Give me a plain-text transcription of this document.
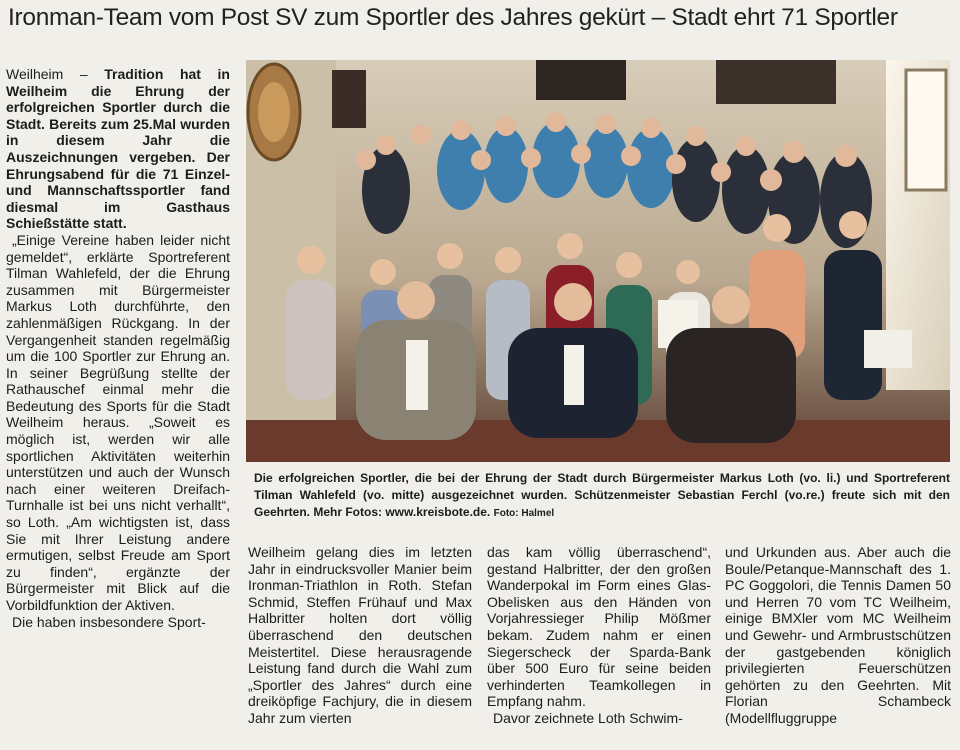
Ironman-Team vom Post SV zum Sportler des Jahres gekürt – Stadt ehrt 71 Sportler

Weilheim – Tradition hat in Weilheim die Ehrung der erfolgreichen Sportler durch die Stadt. Bereits zum 25.Mal wurden in diesem Jahr die Auszeichnungen vergeben. Der Ehrungsabend für die 71 Einzel- und Mannschaftssportler fand diesmal im Gasthaus Schießstätte statt.

„Einige Vereine haben leider nicht gemeldet“, erklärte Sportreferent Tilman Wahlefeld, der die Ehrung zusammen mit Bürgermeister Markus Loth durchführte, den zahlenmäßigen Rückgang. In der Vergangenheit standen regelmäßig um die 100 Sportler zur Ehrung an. In seiner Begrüßung stellte der Rathauschef einmal mehr die Bedeutung des Sports für die Stadt Weilheim heraus. „Soweit es möglich ist, werden wir alle sportlichen Aktivitäten weiterhin unterstützen und auch der Wunsch nach einer weiteren Dreifach-Turnhalle ist bei uns nicht verhallt“, so Loth. „Am wichtigsten ist, dass Sie mit Ihrer Leistung andere ermutigen, selbst Freude am Sport zu finden“, ergänzte der Bürgermeister mit Blick auf die Vorbildfunktion der Aktiven.

Die haben insbesondere Sport-

Die erfolgreichen Sportler, die bei der Ehrung der Stadt durch Bürgermeister Markus Loth (vo. li.) und Sportreferent Tilman Wahlefeld (vo. mitte) ausgezeichnet wurden. Schützenmeister Sebastian Ferchl (vo.re.) freute sich mit den Geehrten. Mehr Fotos: www.kreisbote.de. Foto: Halmel

Weilheim gelang dies im letzten Jahr in eindrucksvoller Manier beim Ironman-Triathlon in Roth. Stefan Schmid, Steffen Frühauf und Max Halbritter holten dort völlig überraschend den deutschen Meistertitel. Diese herausragende Leistung fand durch die Wahl zum „Sportler des Jahres“ durch eine dreiköpfige Fachjury, die in diesem Jahr zum vierten

das kam völlig überraschend“, gestand Halbritter, der den großen Wanderpokal im Form eines Glas-Obelisken aus den Händen von Vorjahressieger Philip Mößmer bekam. Zudem nahm er einen Siegerscheck der Sparda-Bank über 500 Euro für seine beiden verhinderten Teamkollegen in Empfang nahm.

Davor zeichnete Loth Schwim-

und Urkunden aus. Aber auch die Boule/Petanque-Mannschaft des 1. PC Goggolori, die Tennis Damen 50 und Herren 70 vom TC Weilheim, einige BMXler vom MC Weilheim und Gewehr- und Armbrustschützen der gastgebenden königlich privilegierten Feuerschützen gehörten zu den Geehrten. Mit Florian Schambeck (Modellfluggruppe
